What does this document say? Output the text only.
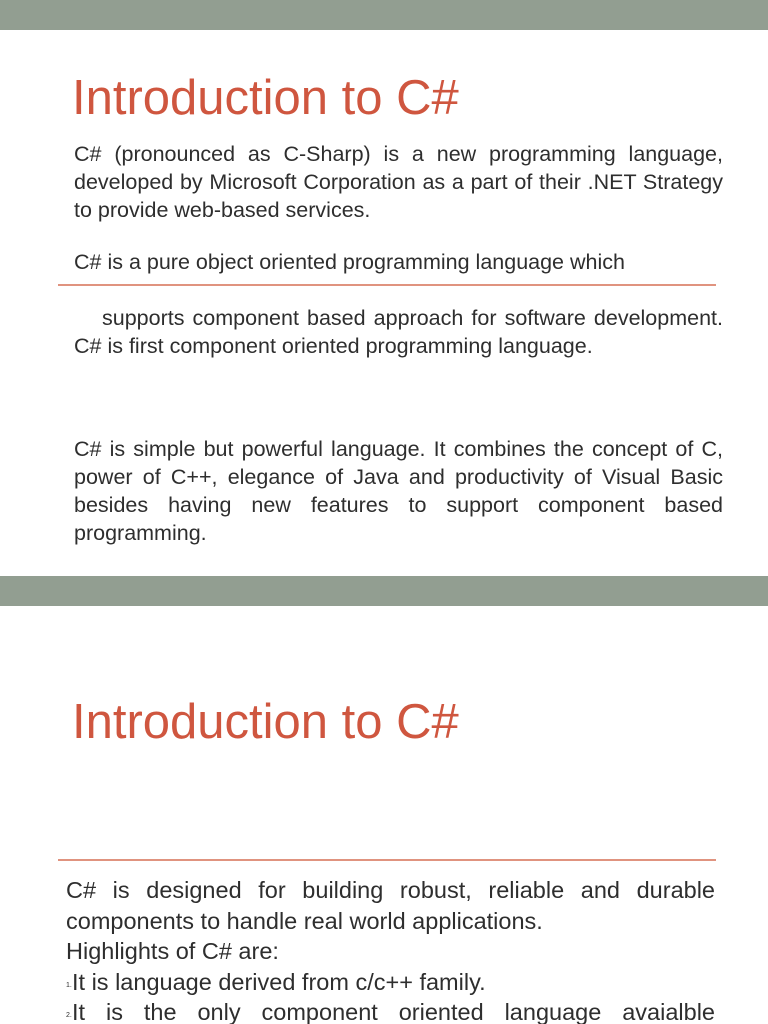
Introduction to C#

C# (pronounced as C-Sharp) is a new programming language, developed by Microsoft Corporation as a part of their .NET Strategy to provide web-based services.

C# is a pure object oriented programming language which

supports component based approach for software development. C# is first component oriented programming language.

C# is simple but powerful language. It combines the concept of C, power of C++, elegance of Java and productivity of Visual Basic besides having new features to support component based programming.

Introduction to C#
C# is designed for building robust, reliable and durable components to handle real world applications.
Highlights of C# are:
1. It is language derived from c/c++ family.
2. It is the only component oriented language avaialble
